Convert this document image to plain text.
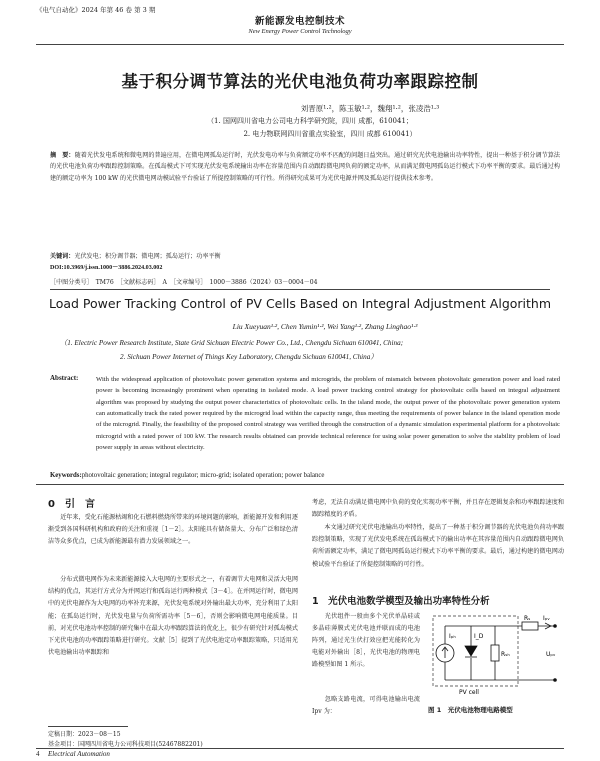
《电气自动化》2024 年第 46 卷 第 3 期
新能源发电控制技术
New Energy Power Control Technology
基于积分调节算法的光伏电池负荷功率跟踪控制
刘晋原¹·²，陈玉敏¹·²，魏翔¹·²，张凌浩¹·³
（1. 国网四川省电力公司电力科学研究院，四川 成都，610041；
2. 电力物联网四川省重点实验室，四川 成都 610041）
摘　要：随着光伏发电系统和微电网的普遍应用，在微电网孤岛运行时，光伏发电功率与负荷额定功率不匹配的问题日益突出。通过研究光伏电池输出功率特性，提出一种基于积分调节算法的光伏电池负荷功率跟踪控制策略。在孤岛模式下可实现光伏发电系统输出功率在容量范围内自动跟踪微电网负荷的额定功率，从而满足微电网孤岛运行模式下功率平衡的要求。最后通过构建的额定功率为 100 kW 的光伏微电网动模试验平台验证了所提控制策略的可行性。所得研究成果可为光伏电源并网及孤岛运行提供技术参考。
关键词：光伏发电；积分调节器；微电网；孤岛运行；功率平衡
DOI:10.3969/j.issn.1000－3886.2024.03.002
［中图分类号］　TM76　［文献标志码］　A　［文章编号］　1000－3886（2024）03－0004－04
Load Power Tracking Control of PV Cells Based on Integral Adjustment Algorithm
Liu Xueyuan¹·², Chen Yumin¹·², Wei Yang¹·², Zhang Linghao¹·³
（1. Electric Power Research Institute, State Grid Sichuan Electric Power Co., Ltd., Chengdu Sichuan 610041, China;
2. Sichuan Power Internet of Things Key Laboratory, Chengdu Sichuan 610041, China）
Abstract:	With the widespread application of photovoltaic power generation systems and microgrids, the problem of mismatch between photovoltaic generation power and load rated power is becoming increasingly prominent when operating in isolated mode. A load power tracking control strategy for photovoltaic cells based on integral adjustment algorithm was proposed by studying the output power characteristics of photovoltaic cells. In the island mode, the output power of the photovoltaic power generation system can automatically track the rated power required by the microgrid load within the capacity range, thus meeting the requirements of power balance in the island operation mode of the microgrid. Finally, the feasibility of the proposed control strategy was verified through the construction of a dynamic simulation experimental platform for a photovoltaic microgrid with a rated power of 100 kW. The research results obtained can provide technical reference for using solar power generation to solve the stability problem of load power supply in areas without electricity.
Keywords:photovoltaic generation; integral regulator; micro-grid; isolated operation; power balance
0　引　言
　　近年来，受化石能源枯竭和化石燃料燃烧所带来的环境问题的影响，新能源开发和利用逐渐受到各国科研机构和政府的关注和重视［1－2］。太阳能具有储备量大、分布广泛和绿色清洁等众多优点，已成为新能源最有潜力发展领域之一。
　　分布式微电网作为未来新能源接入大电网的主要形式之一，有着调节大电网和灵活大电网结构的优点，其运行方式分为并网运行和孤岛运行两种模式［3－4］。在并网运行时，微电网中的光伏电源作为大电网的功率补充来源，光伏发电系统对外输出最大功率，充分利用了太阳能；在孤岛运行时，光伏发电量与负荷所需功率［5－6］，否则会影响微电网电能质量。目前，对光伏电池功率控制的研究集中在最大功率跟踪算法的优化上，很少有研究针对孤岛模式下光伏电池的功率跟踪策略进行研究。文献［5］提到了光伏电池定功率跟踪策略，只适用光伏电池输出功率跟踪和
定稿日期：2023－08－15
基金项目：国网四川省电力公司科技项目(52467882201)
考虑，无法自动满足微电网中负荷的变化实现功率平衡，并且存在逻辑复杂和功率跟踪速度和跟踪精度的矛盾。
　　本文通过研究光伏电池输出功率特性，提出了一种基于积分调节器的光伏电池负荷功率跟踪控制策略，实现了光伏发电系统在孤岛模式下的输出功率在其容量范围内自动跟踪微电网负荷所需额定功率，满足了微电网孤岛运行模式下功率平衡的要求。最后，通过构建的微电网动模试验平台验证了所提控制策略的可行性。
1　光伏电池数学模型及输出功率特性分析
　　光伏组件一般由多个光伏单晶硅或多晶硅薄膜式光伏电池并联而成的电池阵列，通过光生伏打效应把光能转化为电能对外输出［8］，光伏电池的物理电路模型如图 1 所示。
　　忽略支路电流，可得电池输出电流 Ipv 为：
Iₚₕ	I_D
Rₛₕ
Rₛ Iₚᵥ
Uₚᵥ
PV cell
图 1　光伏电池物理电路模型
4 Electrical Automation
